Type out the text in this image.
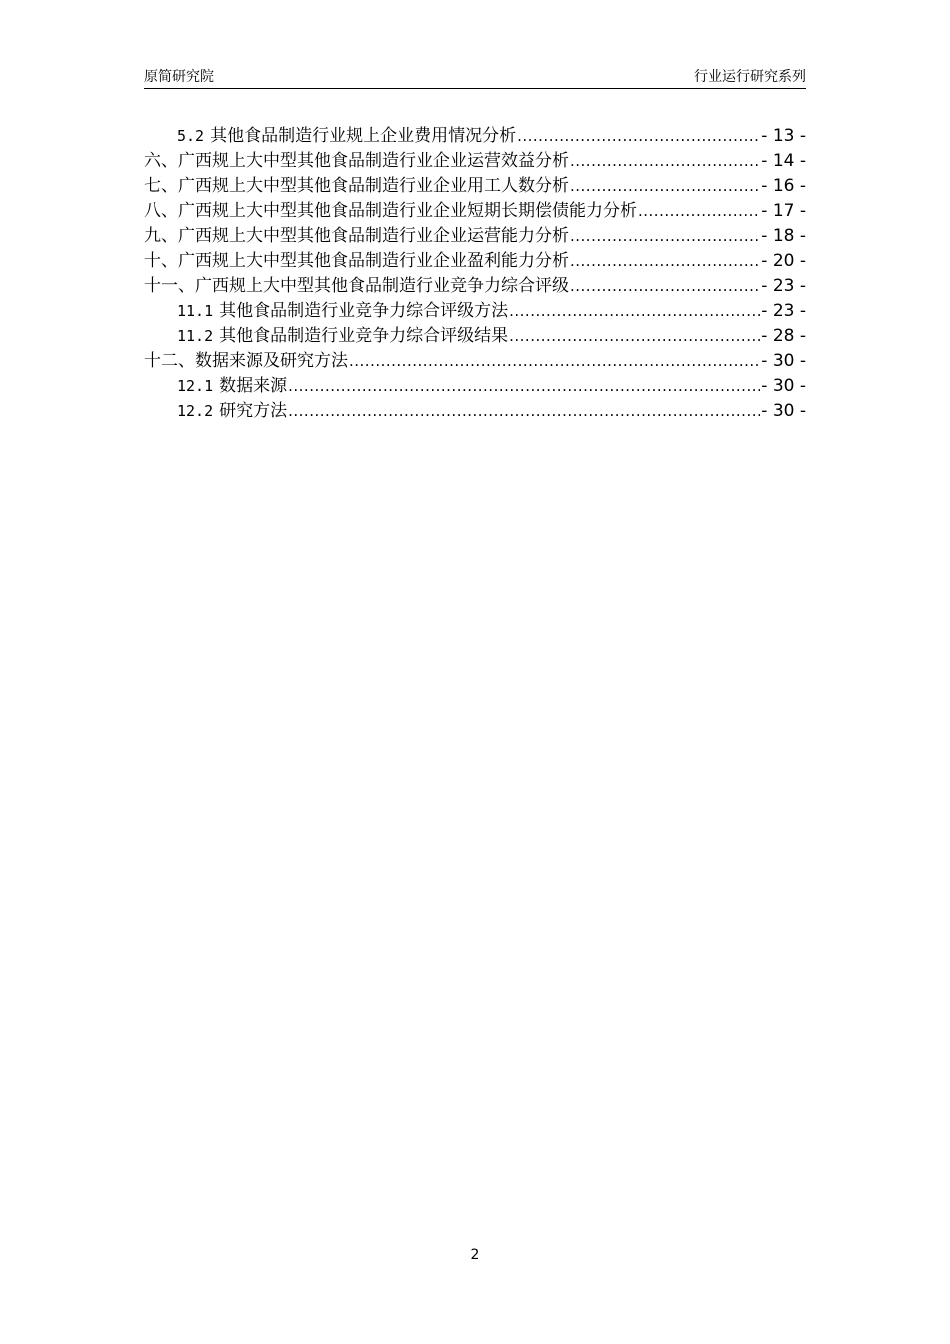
原简研究院	行业运行研究系列
5.2 其他食品制造行业规上企业费用情况分析 .....	- 13 -
六、广西规上大中型其他食品制造行业企业运营效益分析 .....	- 14 -
七、广西规上大中型其他食品制造行业企业用工人数分析 .....	- 16 -
八、广西规上大中型其他食品制造行业企业短期长期偿债能力分析 .....	- 17 -
九、广西规上大中型其他食品制造行业企业运营能力分析 .....	- 18 -
十、广西规上大中型其他食品制造行业企业盈利能力分析 .....	- 20 -
十一、广西规上大中型其他食品制造行业竞争力综合评级 .....	- 23 -
11.1 其他食品制造行业竞争力综合评级方法 .....	- 23 -
11.2 其他食品制造行业竞争力综合评级结果 .....	- 28 -
十二、数据来源及研究方法 .....	- 30 -
12.1 数据来源 .....	- 30 -
12.2 研究方法 .....	- 30 -
2
